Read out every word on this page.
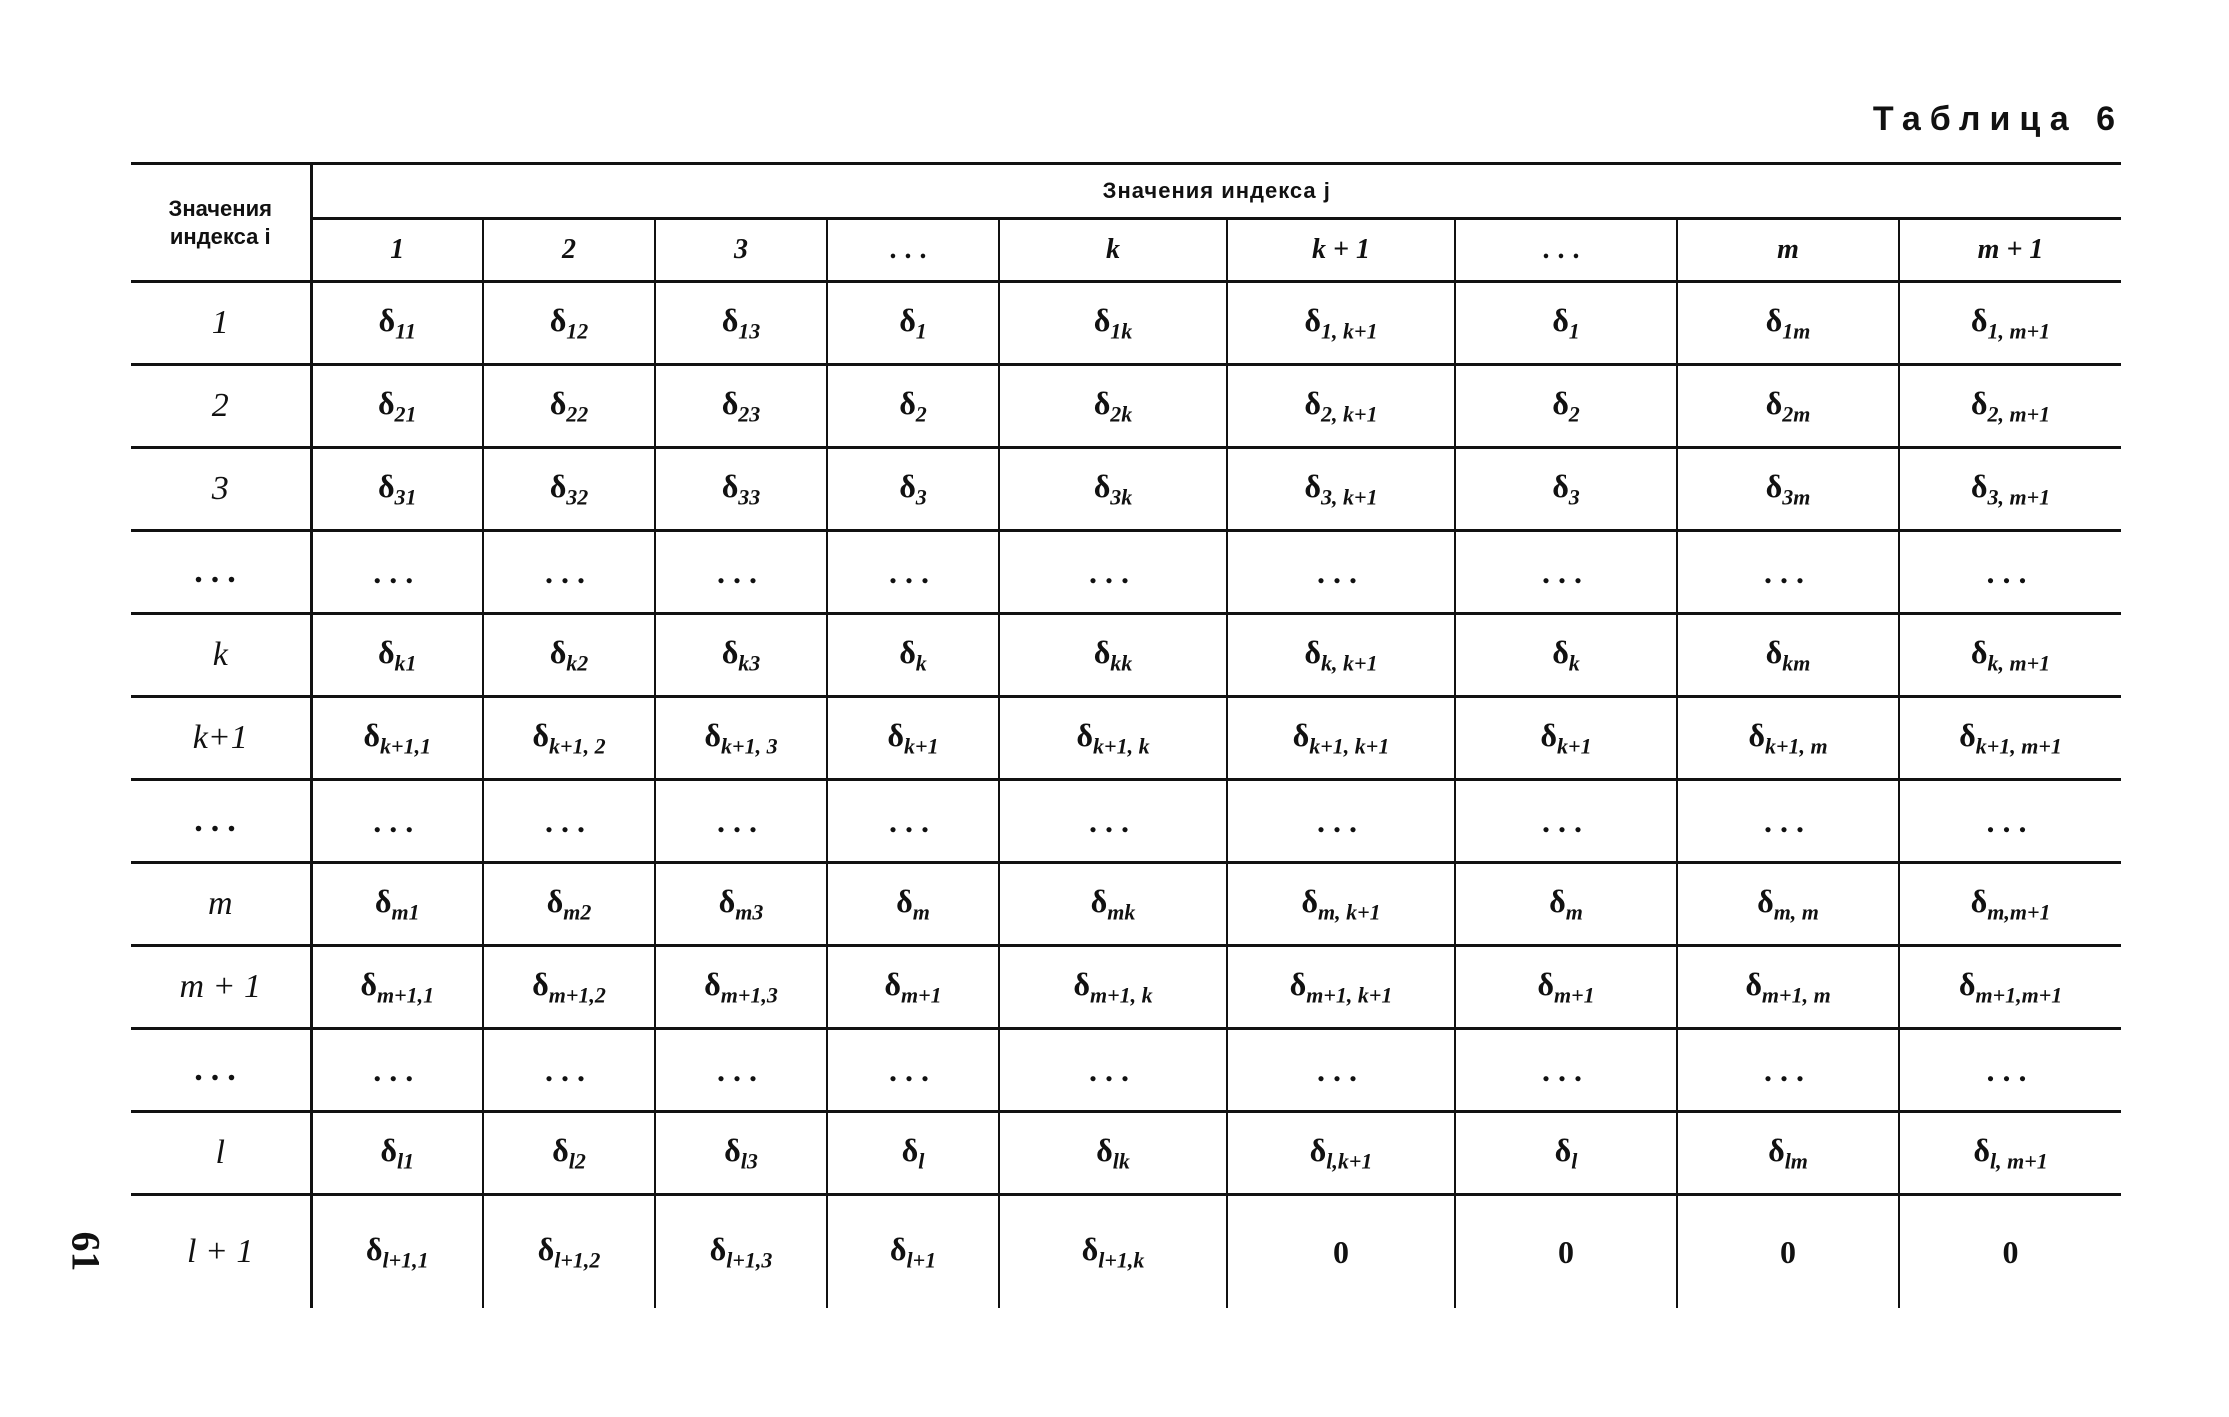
Таблица 6
61
Значения индекса i	Значения индекса j								
	1	2	3	...	k	k + 1	...	m	m + 1
1	$\delta_{11}$	$\delta_{12}$	$\delta_{13}$	$\delta_1$	$\delta_{1k}$	$\delta_{1, k+1}$	$\delta_1$	$\delta_{1m}$	$\delta_{1, m+1}$
2	$\delta_{21}$	$\delta_{22}$	$\delta_{23}$	$\delta_2$	$\delta_{2k}$	$\delta_{2, k+1}$	$\delta_2$	$\delta_{2m}$	$\delta_{2, m+1}$
3	$\delta_{31}$	$\delta_{32}$	$\delta_{33}$	$\delta_3$	$\delta_{3k}$	$\delta_{3, k+1}$	$\delta_3$	$\delta_{3m}$	$\delta_{3, m+1}$
...	...	...	...	...	...	...	...	...	...
k	$\delta_{k1}$	$\delta_{k2}$	$\delta_{k3}$	$\delta_k$	$\delta_{kk}$	$\delta_{k, k+1}$	$\delta_k$	$\delta_{km}$	$\delta_{k, m+1}$
k+1	$\delta_{k+1,1}$	$\delta_{k+1, 2}$	$\delta_{k+1, 3}$	$\delta_{k+1}$	$\delta_{k+1, k}$	$\delta_{k+1, k+1}$	$\delta_{k+1}$	$\delta_{k+1, m}$	$\delta_{k+1, m+1}$
...	...	...	...	...	...	...	...	...	...
m	$\delta_{m1}$	$\delta_{m2}$	$\delta_{m3}$	$\delta_m$	$\delta_{mk}$	$\delta_{m, k+1}$	$\delta_m$	$\delta_{m, m}$	$\delta_{m,m+1}$
m + 1	$\delta_{m+1,1}$	$\delta_{m+1,2}$	$\delta_{m+1,3}$	$\delta_{m+1}$	$\delta_{m+1, k}$	$\delta_{m+1, k+1}$	$\delta_{m+1}$	$\delta_{m+1, m}$	$\delta_{m+1,m+1}$
...	...	...	...	...	...	...	...	...	...
l	$\delta_{l1}$	$\delta_{l2}$	$\delta_{l3}$	$\delta_l$	$\delta_{lk}$	$\delta_{l,k+1}$	$\delta_l$	$\delta_{lm}$	$\delta_{l, m+1}$
l + 1	$\delta_{l+1,1}$	$\delta_{l+1,2}$	$\delta_{l+1,3}$	$\delta_{l+1}$	$\delta_{l+1,k}$	0	0	0	0
